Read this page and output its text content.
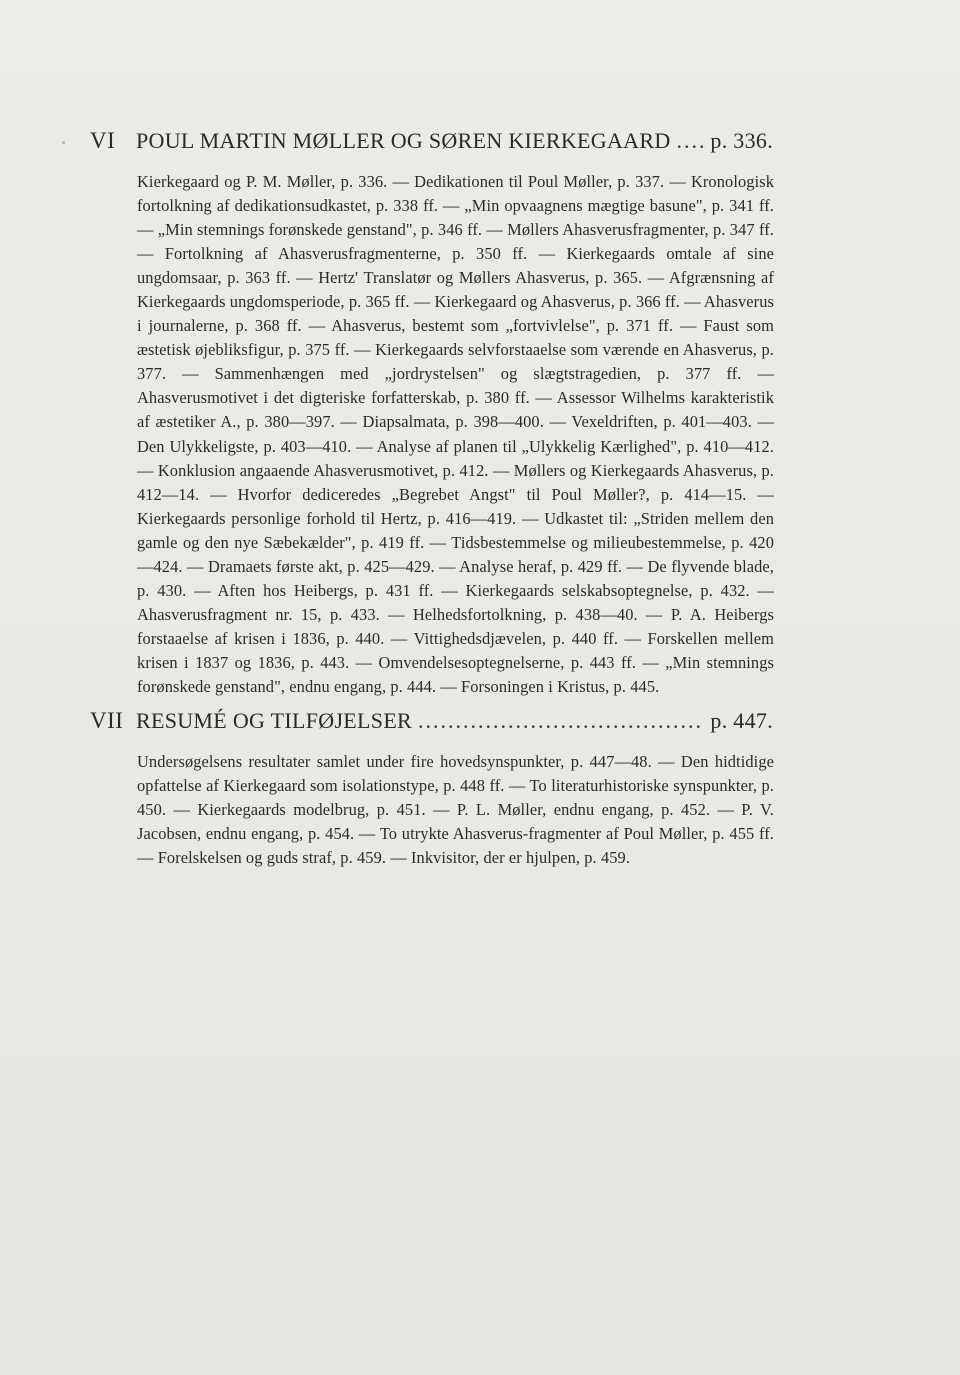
VI POUL MARTIN MØLLER OG SØREN KIERKEGAARD ..... p. 336.

Kierkegaard og P. M. Møller, p. 336. — Dedikationen til Poul Møller, p. 337. — Kronologisk fortolkning af dedikationsudkastet, p. 338 ff. — „Min opvaagnens mægtige basune", p. 341 ff. — „Min stemnings forønskede genstand", p. 346 ff. — Møllers Ahasverusfragmenter, p. 347 ff. — Fortolkning af Ahasverusfragmenterne, p. 350 ff. — Kierkegaards omtale af sine ungdomsaar, p. 363 ff. — Hertz' Translatør og Møllers Ahasverus, p. 365. — Afgrænsning af Kierkegaards ungdomsperiode, p. 365 ff. — Kierkegaard og Ahasverus, p. 366 ff. — Ahasverus i journalerne, p. 368 ff. — Ahasverus, bestemt som „fortvivlelse", p. 371 ff. — Faust som æstetisk øjebliksfigur, p. 375 ff. — Kierkegaards selvforstaaelse som værende en Ahasverus, p. 377. — Sammenhængen med „jordrystelsen" og slægtstragedien, p. 377 ff. — Ahasverusmotivet i det digteriske forfatterskab, p. 380 ff. — Assessor Wilhelms karakteristik af æstetiker A., p. 380—397. — Diapsalmata, p. 398—400. — Vexeldriften, p. 401—403. — Den Ulykkeligste, p. 403—410. — Analyse af planen til „Ulykkelig Kærlighed", p. 410—412. — Konklusion angaaende Ahasverusmotivet, p. 412. — Møllers og Kierkegaards Ahasverus, p. 412—14. — Hvorfor dediceredes „Begrebet Angst" til Poul Møller?, p. 414—15. — Kierkegaards personlige forhold til Hertz, p. 416—419. — Udkastet til: „Striden mellem den gamle og den nye Sæbekælder", p. 419 ff. — Tidsbestemmelse og milieubestemmelse, p. 420—424. — Dramaets første akt, p. 425—429. — Analyse heraf, p. 429 ff. — De flyvende blade, p. 430. — Aften hos Heibergs, p. 431 ff. — Kierkegaards selskabsoptegnelse, p. 432. — Ahasverusfragment nr. 15, p. 433. — Helhedsfortolkning, p. 438—40. — P. A. Heibergs forstaaelse af krisen i 1836, p. 440. — Vittighedsdjævelen, p. 440 ff. — Forskellen mellem krisen i 1837 og 1836, p. 443. — Omvendelsesoptegnelserne, p. 443 ff. — „Min stemnings forønskede genstand", endnu engang, p. 444. — Forsoningen i Kristus, p. 445.

VII RESUMÉ OG TILFØJELSER .....	p. 447.

Undersøgelsens resultater samlet under fire hovedsynspunkter, p. 447—48. — Den hidtidige opfattelse af Kierkegaard som isolationstype, p. 448 ff. — To literaturhistoriske synspunkter, p. 450. — Kierkegaards modelbrug, p. 451. — P. L. Møller, endnu engang, p. 452. — P. V. Jacobsen, endnu engang, p. 454. — To utrykte Ahasverus-fragmenter af Poul Møller, p. 455 ff. — Forelskelsen og guds straf, p. 459. — Inkvisitor, der er hjulpen, p. 459.
